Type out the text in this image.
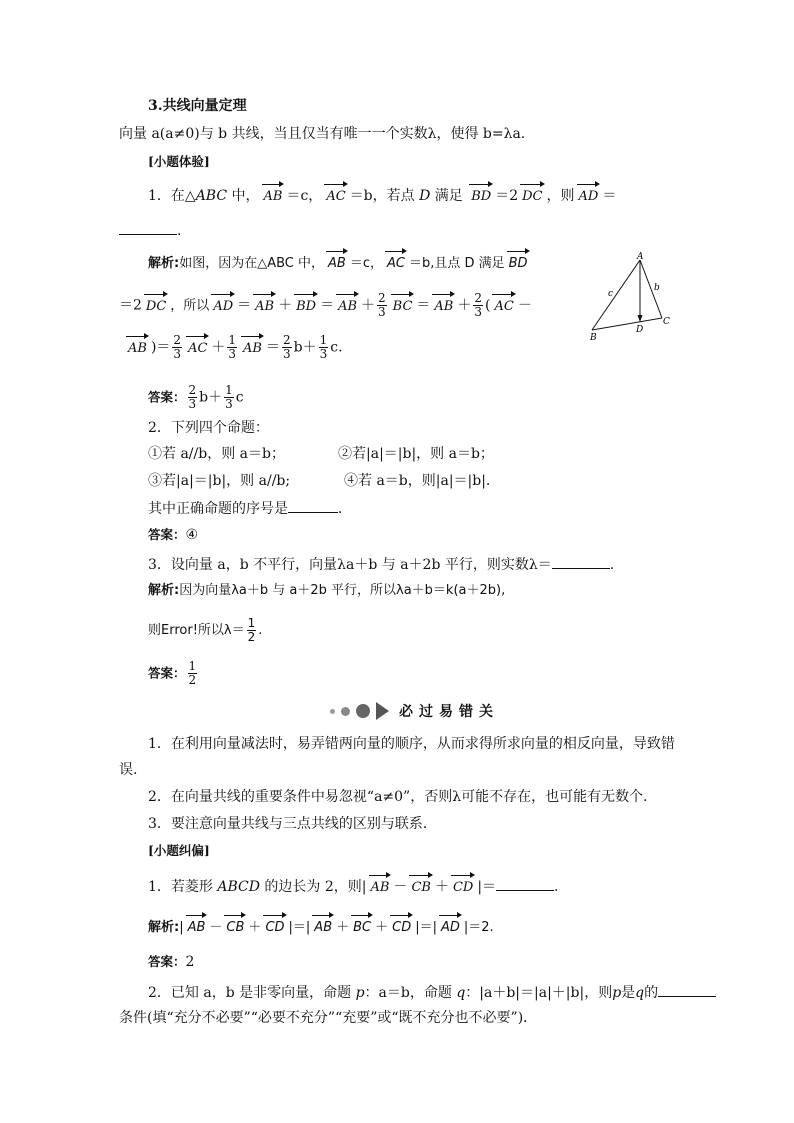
3.共线向量定理
向量 a(a≠0)与 b 共线，当且仅当有唯一一个实数λ，使得 b=λa.
[小题体验]
1．在△ABC 中， AB ＝c， AC ＝b，若点 D 满足 BD ＝2 DC ，则 AD ＝
.
解析:如图，因为在△ABC 中， AB ＝c， AC ＝b,且点 D 满足 BD
＝2 DC ，所以 AD ＝ AB ＋ BD ＝ AB ＋ $\frac{2}{3}$ BC ＝ AB ＋ $\frac{2}{3}$ ( AC －
AB )＝ $\frac{2}{3}$ AC ＋ $\frac{1}{3}$ AB ＝ $\frac{2}{3} b+ \frac{1}{3} c$.
A
b
c
C
D
B
答案： $\frac{2}{3} b+ \frac{1}{3}$ c
2．下列四个命题：
①若 a//b，则 a＝b；	②若|a|＝|b|，则 a＝b；
③若|a|＝|b|，则 a//b;	④若 a＝b，则|a|＝|b|.
其中正确命题的序号是	．
答案：④
3．设向量 a，b 不平行，向量λa＋b 与 a＋2b 平行，则实数λ＝	.
解析:因为向量λa＋b 与 a＋2b 平行，所以λa＋b＝k(a＋2b),
则Error!所以$\lambda= \frac{1}{2}$ .
答案： $\frac{1}{2}$
必过易错关
1．在利用向量减法时，易弄错两向量的顺序，从而求得所求向量的相反向量，导致错
误.
2．在向量共线的重要条件中易忽视“a≠0”，否则λ可能不存在，也可能有无数个．
3．要注意向量共线与三点共线的区别与联系．
[小题纠偏]
1．若菱形 ABCD 的边长为 2，则| AB － CB ＋ CD |＝	.
解析:| AB － CB ＋ CD |＝| AB ＋ BC ＋ CD |＝| AD |＝2.
答案：2
2．已知 a，b 是非零向量，命题 p：a＝b，命题 q：|a＋b|＝|a|＋|b|，则p是q的
条件(填“充分不必要”“必要不充分”“充要”或“既不充分也不必要”)．
